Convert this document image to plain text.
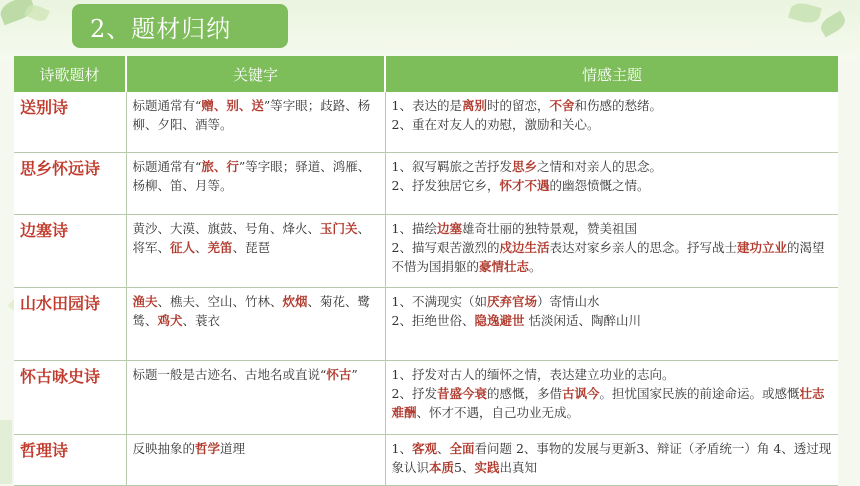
2、题材归纳
诗歌题材	关键字	情感主题
送别诗	标题通常有“赠、别、送”等字眼；歧路、杨柳、夕阳、酒等。	1、表达的是离别时的留恋，不舍和伤感的愁绪。
2、重在对友人的劝慰，激励和关心。
思乡怀远诗	标题通常有“旅、行”等字眼；驿道、鸿雁、杨柳、笛、月等。	1、叙写羁旅之苦抒发思乡之情和对亲人的思念。
2、抒发独居它乡，怀才不遇的幽怨愤慨之情。
边塞诗	黄沙、大漠、旗鼓、号角、烽火、玉门关、将军、征人、羌笛、琵琶	1、描绘边塞雄奇壮丽的独特景观，赞美祖国
2、描写艰苦激烈的戍边生活表达对家乡亲人的思念。抒写战士建功立业的渴望不惜为国捐躯的豪情壮志。
山水田园诗	渔夫、樵夫、空山、竹林、炊烟、菊花、鹭鸶、鸡犬、蓑衣	1、不满现实（如厌弃官场）寄情山水
2、拒绝世俗、隐逸避世 恬淡闲适、陶醉山川
怀古咏史诗	标题一般是古迹名、古地名或直说“怀古”	1、抒发对古人的缅怀之情，表达建立功业的志向。
2、抒发昔盛今衰的感慨，多借古讽今。担忧国家民族的前途命运。或感慨壮志难酬、怀才不遇，自己功业无成。
哲理诗	反映抽象的哲学道理	1、客观、全面看问题 2、事物的发展与更新3、辩证（矛盾统一）角 4、透过现象认识本质5、实践出真知
